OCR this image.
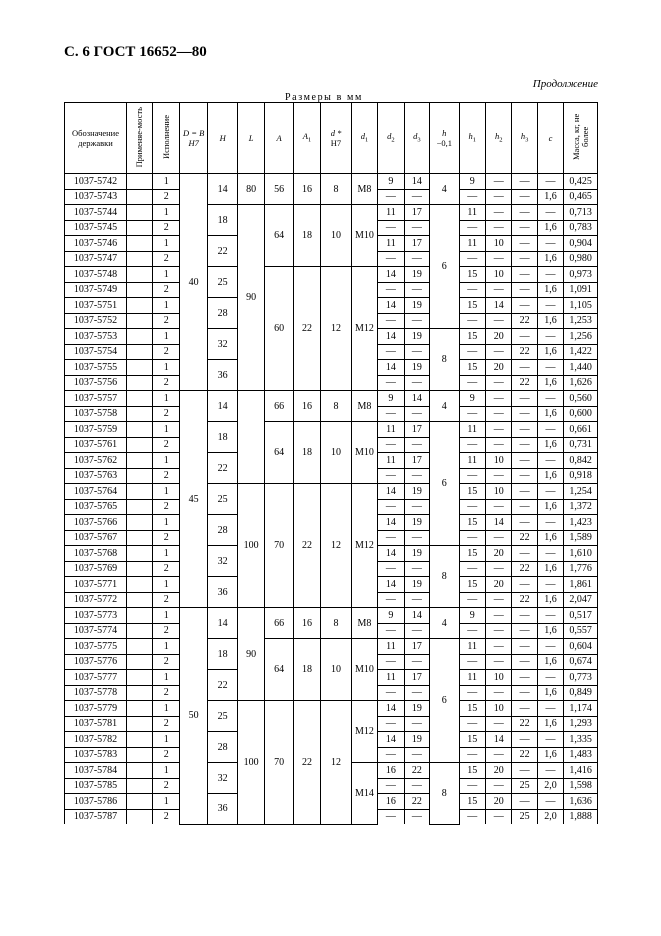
С. 6 ГОСТ 16652—80
Продолжение
Размеры в мм
Обозначение державки	Применяе-мость	Исполнение	D = B
H7	H	L	A	$A_1$	d *
H7	$d_1$	$d_2$	$d_3$	h
−0,1	$h_1$	$h_2$	$h_3$	c	Масса, кг, не более
1037-5742		1	40	14	80	56	16	8	M8	9	14	4	9	—	—	—	0,425
1037-5743		2								—	—		—	—	—	1,6	0,465
1037-5744		1		18	90	64	18	10	M10	11	17	6	11	—	—	—	0,713
1037-5745		2								—	—		—	—	—	1,6	0,783
1037-5746		1		22						11	17		11	10	—	—	0,904
1037-5747		2								—	—		—	—	—	1,6	0,980
1037-5748		1		25		60	22	12	M12	14	19		15	10	—	—	0,973
1037-5749		2								—	—		—	—	—	1,6	1,091
1037-5751		1		28						14	19		15	14	—	—	1,105
1037-5752		2								—	—		—	—	22	1,6	1,253
1037-5753		1		32						14	19	8	15	20	—	—	1,256
1037-5754		2								—	—		—	—	22	1,6	1,422
1037-5755		1		36						14	19		15	20	—	—	1,440
1037-5756		2								—	—		—	—	22	1,6	1,626
1037-5757		1	45	14		66	16	8	M8	9	14	4	9	—	—	—	0,560
1037-5758		2								—	—		—	—	—	1,6	0,600
1037-5759		1		18		64	18	10	M10	11	17	6	11	—	—	—	0,661
1037-5761		2								—	—		—	—	—	1,6	0,731
1037-5762		1		22						11	17		11	10	—	—	0,842
1037-5763		2								—	—		—	—	—	1,6	0,918
1037-5764		1		25	100	70	22	12	M12	14	19		15	10	—	—	1,254
1037-5765		2								—	—		—	—	—	1,6	1,372
1037-5766		1		28						14	19		15	14	—	—	1,423
1037-5767		2								—	—		—	—	22	1,6	1,589
1037-5768		1		32						14	19	8	15	20	—	—	1,610
1037-5769		2								—	—		—	—	22	1,6	1,776
1037-5771		1		36						14	19		15	20	—	—	1,861
1037-5772		2								—	—		—	—	22	1,6	2,047
1037-5773		1	50	14	90	66	16	8	M8	9	14	4	9	—	—	—	0,517
1037-5774		2								—	—		—	—	—	1,6	0,557
1037-5775		1		18		64	18	10	M10	11	17	6	11	—	—	—	0,604
1037-5776		2								—	—		—	—	—	1,6	0,674
1037-5777		1		22						11	17		11	10	—	—	0,773
1037-5778		2								—	—		—	—	—	1,6	0,849
1037-5779		1		25	100	70	22	12	M12	14	19		15	10	—	—	1,174
1037-5781		2								—	—		—	—	22	1,6	1,293
1037-5782		1		28						14	19		15	14	—	—	1,335
1037-5783		2								—	—		—	—	22	1,6	1,483
1037-5784		1		32					M14	16	22	8	15	20	—	—	1,416
1037-5785		2								—	—		—	—	25	2,0	1,598
1037-5786		1		36						16	22		15	20	—	—	1,636
1037-5787		2								—	—		—	—	25	2,0	1,888
